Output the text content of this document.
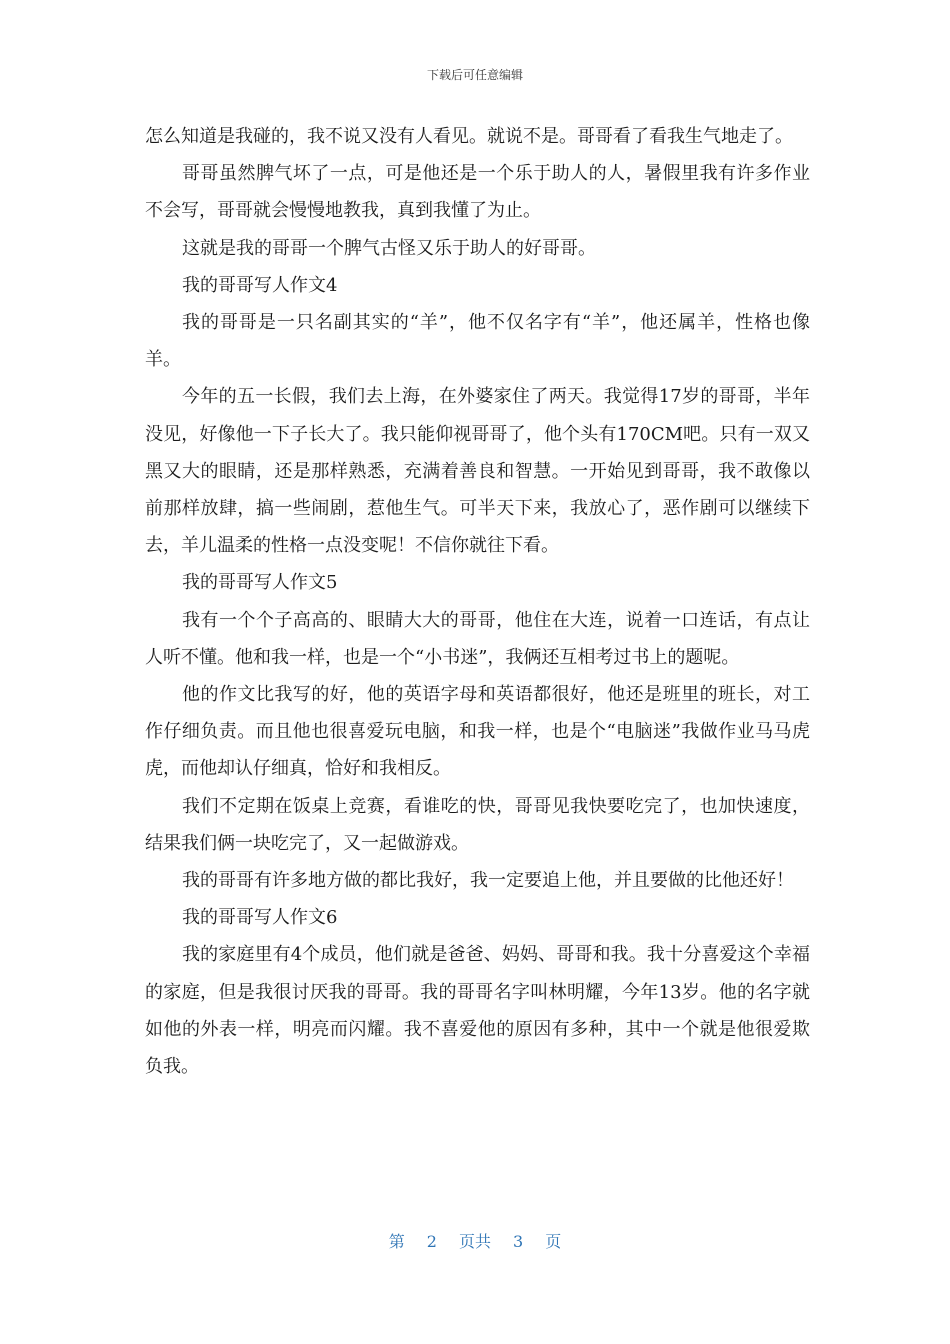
下载后可任意编辑

怎么知道是我碰的，我不说又没有人看见。就说不是。哥哥看了看我生气地走了。

哥哥虽然脾气坏了一点，可是他还是一个乐于助人的人，暑假里我有许多作业不会写，哥哥就会慢慢地教我，真到我懂了为止。

这就是我的哥哥一个脾气古怪又乐于助人的好哥哥。

我的哥哥写人作文4

我的哥哥是一只名副其实的“羊”，他不仅名字有“羊”，他还属羊，性格也像羊。

今年的五一长假，我们去上海，在外婆家住了两天。我觉得17岁的哥哥，半年没见，好像他一下子长大了。我只能仰视哥哥了，他个头有170CM吧。只有一双又黑又大的眼睛，还是那样熟悉，充满着善良和智慧。一开始见到哥哥，我不敢像以前那样放肆，搞一些闹剧，惹他生气。可半天下来，我放心了，恶作剧可以继续下去，羊儿温柔的性格一点没变呢！不信你就往下看。

我的哥哥写人作文5

我有一个个子高高的、眼睛大大的哥哥，他住在大连，说着一口连话，有点让人听不懂。他和我一样，也是一个“小书迷”，我俩还互相考过书上的题呢。

他的作文比我写的好，他的英语字母和英语都很好，他还是班里的班长，对工作仔细负责。而且他也很喜爱玩电脑，和我一样，也是个“电脑迷”我做作业马马虎虎，而他却认仔细真，恰好和我相反。

我们不定期在饭桌上竞赛，看谁吃的快，哥哥见我快要吃完了，也加快速度，结果我们俩一块吃完了，又一起做游戏。

我的哥哥有许多地方做的都比我好，我一定要追上他，并且要做的比他还好！

我的哥哥写人作文6

我的家庭里有4个成员，他们就是爸爸、妈妈、哥哥和我。我十分喜爱这个幸福的家庭，但是我很讨厌我的哥哥。我的哥哥名字叫林明耀，今年13岁。他的名字就如他的外表一样，明亮而闪耀。我不喜爱他的原因有多种，其中一个就是他很爱欺负我。

第 2 页共 3 页
